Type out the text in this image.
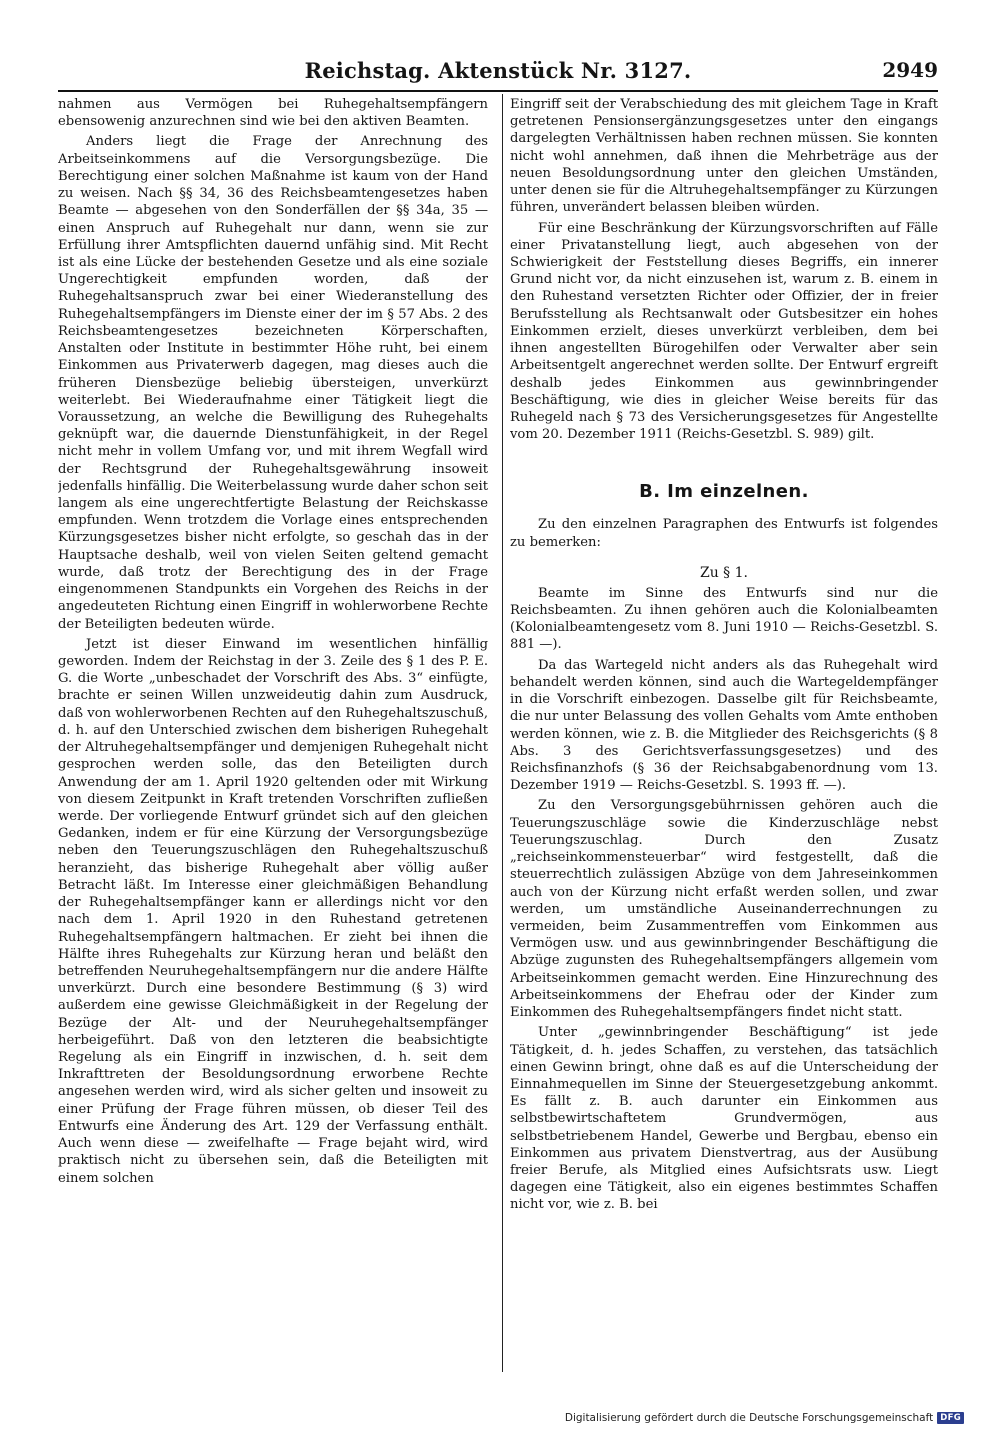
Reichstag. Aktenstück Nr. 3127.	2949

nahmen aus Vermögen bei Ruhegehaltsempfängern ebensowenig anzurechnen sind wie bei den aktiven Beamten.

Anders liegt die Frage der Anrechnung des Arbeitseinkommens auf die Versorgungsbezüge. Die Berechtigung einer solchen Maßnahme ist kaum von der Hand zu weisen. Nach §§ 34, 36 des Reichsbeamtengesetzes haben Beamte — abgesehen von den Sonderfällen der §§ 34a, 35 — einen Anspruch auf Ruhegehalt nur dann, wenn sie zur Erfüllung ihrer Amtspflichten dauernd unfähig sind. Mit Recht ist als eine Lücke der bestehenden Gesetze und als eine soziale Ungerechtigkeit empfunden worden, daß der Ruhegehaltsanspruch zwar bei einer Wiederanstellung des Ruhegehaltsempfängers im Dienste einer der im § 57 Abs. 2 des Reichsbeamtengesetzes bezeichneten Körperschaften, Anstalten oder Institute in bestimmter Höhe ruht, bei einem Einkommen aus Privaterwerb dagegen, mag dieses auch die früheren Diensbezüge beliebig übersteigen, unverkürzt weiterlebt. Bei Wiederaufnahme einer Tätigkeit liegt die Voraussetzung, an welche die Bewilligung des Ruhegehalts geknüpft war, die dauernde Dienstunfähigkeit, in der Regel nicht mehr in vollem Umfang vor, und mit ihrem Wegfall wird der Rechtsgrund der Ruhegehaltsgewährung insoweit jedenfalls hinfällig. Die Weiterbelassung wurde daher schon seit langem als eine ungerechtfertigte Belastung der Reichskasse empfunden. Wenn trotzdem die Vorlage eines entsprechenden Kürzungsgesetzes bisher nicht erfolgte, so geschah das in der Hauptsache deshalb, weil von vielen Seiten geltend gemacht wurde, daß trotz der Berechtigung des in der Frage eingenommenen Standpunkts ein Vorgehen des Reichs in der angedeuteten Richtung einen Eingriff in wohlerworbene Rechte der Beteiligten bedeuten würde.

Jetzt ist dieser Einwand im wesentlichen hinfällig geworden. Indem der Reichstag in der 3. Zeile des § 1 des P. E. G. die Worte „unbeschadet der Vorschrift des Abs. 3“ einfügte, brachte er seinen Willen unzweideutig dahin zum Ausdruck, daß von wohlerworbenen Rechten auf den Ruhegehaltszuschuß, d. h. auf den Unterschied zwischen dem bisherigen Ruhegehalt der Altruhegehaltsempfänger und demjenigen Ruhegehalt nicht gesprochen werden solle, das den Beteiligten durch Anwendung der am 1. April 1920 geltenden oder mit Wirkung von diesem Zeitpunkt in Kraft tretenden Vorschriften zufließen werde. Der vorliegende Entwurf gründet sich auf den gleichen Gedanken, indem er für eine Kürzung der Versorgungsbezüge neben den Teuerungszuschlägen den Ruhegehaltszuschuß heranzieht, das bisherige Ruhegehalt aber völlig außer Betracht läßt. Im Interesse einer gleichmäßigen Behandlung der Ruhegehaltsempfänger kann er allerdings nicht vor den nach dem 1. April 1920 in den Ruhestand getretenen Ruhegehaltsempfängern haltmachen. Er zieht bei ihnen die Hälfte ihres Ruhegehalts zur Kürzung heran und beläßt den betreffenden Neuruhegehaltsempfängern nur die andere Hälfte unverkürzt. Durch eine besondere Bestimmung (§ 3) wird außerdem eine gewisse Gleichmäßigkeit in der Regelung der Bezüge der Alt- und der Neuruhegehaltsempfänger herbeigeführt. Daß von den letzteren die beabsichtigte Regelung als ein Eingriff in inzwischen, d. h. seit dem Inkrafttreten der Besoldungsordnung erworbene Rechte angesehen werden wird, wird als sicher gelten und insoweit zu einer Prüfung der Frage führen müssen, ob dieser Teil des Entwurfs eine Änderung des Art. 129 der Verfassung enthält. Auch wenn diese — zweifelhafte — Frage bejaht wird, wird praktisch nicht zu übersehen sein, daß die Beteiligten mit einem solchen

Eingriff seit der Verabschiedung des mit gleichem Tage in Kraft getretenen Pensionsergänzungsgesetzes unter den eingangs dargelegten Verhältnissen haben rechnen müssen. Sie konnten nicht wohl annehmen, daß ihnen die Mehrbeträge aus der neuen Besoldungsordnung unter den gleichen Umständen, unter denen sie für die Altruhegehaltsempfänger zu Kürzungen führen, unverändert belassen bleiben würden.

Für eine Beschränkung der Kürzungsvorschriften auf Fälle einer Privatanstellung liegt, auch abgesehen von der Schwierigkeit der Feststellung dieses Begriffs, ein innerer Grund nicht vor, da nicht einzusehen ist, warum z. B. einem in den Ruhestand versetzten Richter oder Offizier, der in freier Berufsstellung als Rechtsanwalt oder Gutsbesitzer ein hohes Einkommen erzielt, dieses unverkürzt verbleiben, dem bei ihnen angestellten Bürogehilfen oder Verwalter aber sein Arbeitsentgelt angerechnet werden sollte. Der Entwurf ergreift deshalb jedes Einkommen aus gewinnbringender Beschäftigung, wie dies in gleicher Weise bereits für das Ruhegeld nach § 73 des Versicherungsgesetzes für Angestellte vom 20. Dezember 1911 (Reichs-Gesetzbl. S. 989) gilt.

B. Im einzelnen.

Zu den einzelnen Paragraphen des Entwurfs ist folgendes zu bemerken:

Zu § 1.

Beamte im Sinne des Entwurfs sind nur die Reichsbeamten. Zu ihnen gehören auch die Kolonialbeamten (Kolonialbeamtengesetz vom 8. Juni 1910 — Reichs-Gesetzbl. S. 881 —).

Da das Wartegeld nicht anders als das Ruhegehalt wird behandelt werden können, sind auch die Wartegeldempfänger in die Vorschrift einbezogen. Dasselbe gilt für Reichsbeamte, die nur unter Belassung des vollen Gehalts vom Amte enthoben werden können, wie z. B. die Mitglieder des Reichsgerichts (§ 8 Abs. 3 des Gerichtsverfassungsgesetzes) und des Reichsfinanzhofs (§ 36 der Reichsabgabenordnung vom 13. Dezember 1919 — Reichs-Gesetzbl. S. 1993 ff. —).

Zu den Versorgungsgebührnissen gehören auch die Teuerungszuschläge sowie die Kinderzuschläge nebst Teuerungszuschlag. Durch den Zusatz „reichseinkommensteuerbar“ wird festgestellt, daß die steuerrechtlich zulässigen Abzüge von dem Jahreseinkommen auch von der Kürzung nicht erfaßt werden sollen, und zwar werden, um umständliche Auseinanderrechnungen zu vermeiden, beim Zusammentreffen vom Einkommen aus Vermögen usw. und aus gewinnbringender Beschäftigung die Abzüge zugunsten des Ruhegehaltsempfängers allgemein vom Arbeitseinkommen gemacht werden. Eine Hinzurechnung des Arbeitseinkommens der Ehefrau oder der Kinder zum Einkommen des Ruhegehaltsempfängers findet nicht statt.

Unter „gewinnbringender Beschäftigung“ ist jede Tätigkeit, d. h. jedes Schaffen, zu verstehen, das tatsächlich einen Gewinn bringt, ohne daß es auf die Unterscheidung der Einnahmequellen im Sinne der Steuergesetzgebung ankommt. Es fällt z. B. auch darunter ein Einkommen aus selbstbewirtschaftetem Grundvermögen, aus selbstbetriebenem Handel, Gewerbe und Bergbau, ebenso ein Einkommen aus privatem Dienstvertrag, aus der Ausübung freier Berufe, als Mitglied eines Aufsichtsrats usw. Liegt dagegen eine Tätigkeit, also ein eigenes bestimmtes Schaffen nicht vor, wie z. B. bei

Digitalisierung gefördert durch die Deutsche Forschungsgemeinschaft DFG
